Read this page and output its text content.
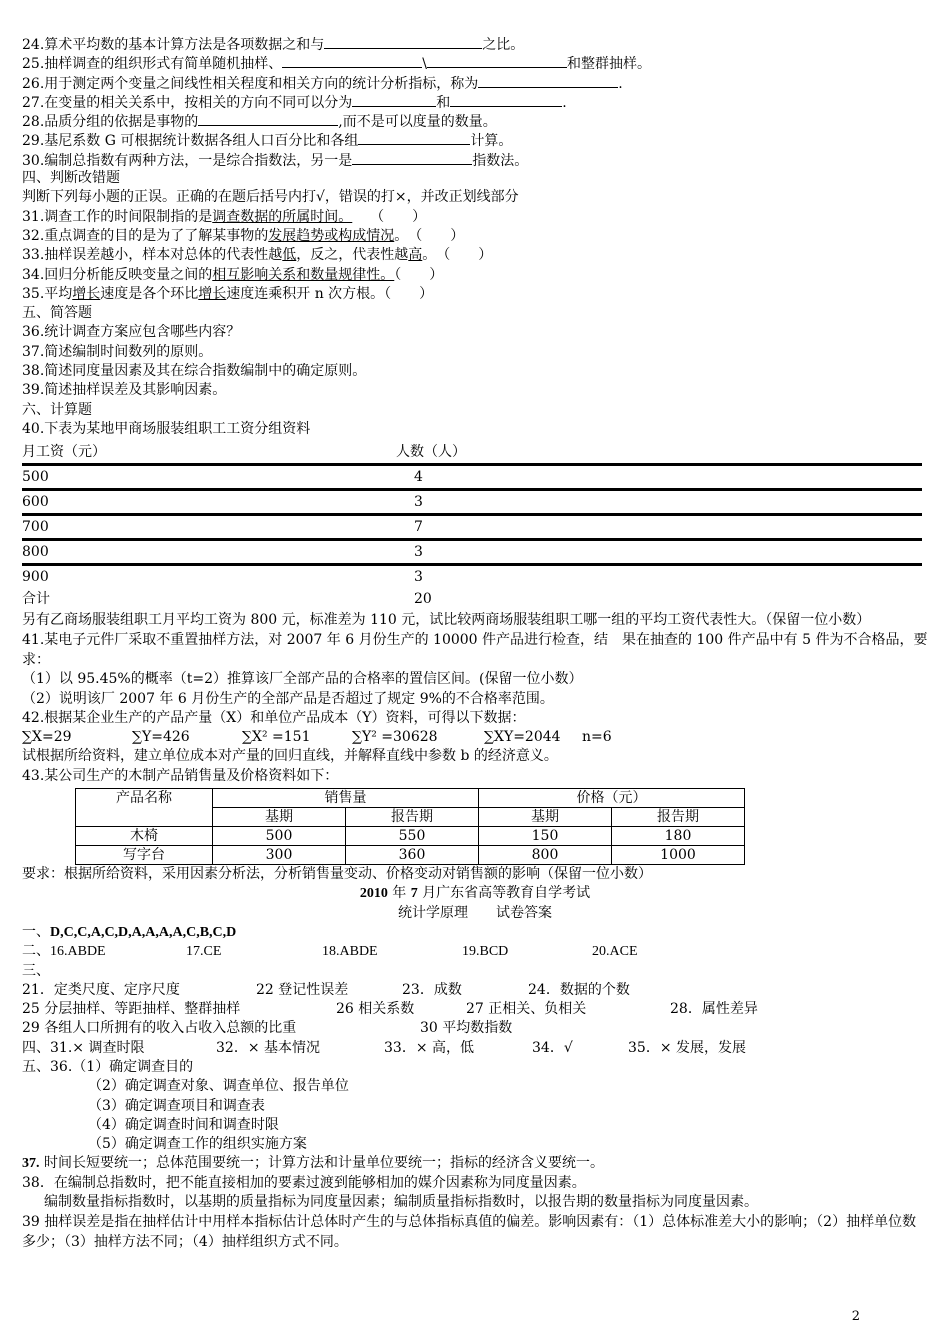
24.算术平均数的基本计算方法是各项数据之和与	之比。
25.抽样调查的组织形式有简单随机抽样、	\	和整群抽样。
26.用于测定两个变量之间线性相关程度和相关方向的统计分析指标，称为	.
27.在变量的相关关系中，按相关的方向不同可以分为	和	.
28.品质分组的依据是事物的	,而不是可以度量的数量。
29.基尼系数 G 可根据统计数据各组人口百分比和各组	计算。
30.编制总指数有两种方法，一是综合指数法，另一是	指数法。
四、判断改错题
判断下列每小题的正误。正确的在题后括号内打√，错误的打×，并改正划线部分
31.调查工作的时间限制指的是调查数据的所属时间。 （　　）
32.重点调查的目的是为了了解某事物的发展趋势或构成情况。　（　　）
33.抽样误差越小，样本对总体的代表性越低，反之，代表性越高。　（　　）
34.回归分析能反映变量之间的相互影响关系和数量规律性。（　　）
35.平均增长速度是各个环比增长速度连乘积开 n 次方根。（　　）
五、简答题
36.统计调查方案应包含哪些内容？
37.简述编制时间数列的原则。
38.简述同度量因素及其在综合指数编制中的确定原则。
39.简述抽样误差及其影响因素。
六、计算题
40.下表为某地甲商场服装组职工工资分组资料
月工资（元）	人数（人）
500	4
600	3
700	7
800	3
900	3
合计	20
另有乙商场服装组职工月平均工资为 800 元，标准差为 110 元，试比较两商场服装组职工哪一组的平均工资代表性大。（保留一位小数）
41.某电子元件厂采取不重置抽样方法，对 2007 年 6 月份生产的 10000 件产品进行检查，结　果在抽查的 100 件产品中有 5 件为不合格品，要求：
（1）以 95.45%的概率（t=2）推算该厂全部产品的合格率的置信区间。(保留一位小数）
（2）说明该厂 2007 年 6 月份生产的全部产品是否超过了规定 9%的不合格率范围。
42.根据某企业生产的产品产量（X）和单位产品成本（Y）资料，可得以下数据：
∑X=29	∑Y=426	∑X² =151	∑Y² =30628	∑XY=2044 n=6
试根据所给资料，建立单位成本对产量的回归直线，并解释直线中参数 b 的经济意义。
43.某公司生产的木制产品销售量及价格资料如下：
产品名称	销售量		价格（元）	
	基期	报告期	基期	报告期
木椅	500	550	150	180
写字台	300	360	800	1000
要求：根据所给资料，采用因素分析法，分析销售量变动、价格变动对销售额的影响（保留一位小数）
2010 年 7 月广东省高等教育自学考试
统计学原理　　试卷答案
一、D,C,C,A,C,D,A,A,A,A,C,B,C,D
二、16.ABDE	17.CE	18.ABDE	19.BCD	20.ACE
三、
21．定类尺度、定序尺度	22 登记性误差	23．成数	24．数据的个数
25 分层抽样、等距抽样、整群抽样	26 相关系数	27 正相关、负相关	28．属性差异
29 各组人口所拥有的收入占收入总额的比重	30 平均数指数
四、31.× 调查时限	32．× 基本情况	33．× 高，低	34．√	35．× 发展，发展
五、36.（1）确定调查目的
（2）确定调查对象、调查单位、报告单位
（3）确定调查项目和调查表
（4）确定调查时间和调查时限
（5）确定调查工作的组织实施方案
37. 时间长短要统一；总体范围要统一；计算方法和计量单位要统一；指标的经济含义要统一。
38．在编制总指数时，把不能直接相加的要素过渡到能够相加的媒介因素称为同度量因素。
编制数量指标指数时，以基期的质量指标为同度量因素；编制质量指标指数时，以报告期的数量指标为同度量因素。
39 抽样误差是指在抽样估计中用样本指标估计总体时产生的与总体指标真值的偏差。影响因素有：（1）总体标准差大小的影响；（2）抽样单位数多少；（3）抽样方法不同；（4）抽样组织方式不同。
2
